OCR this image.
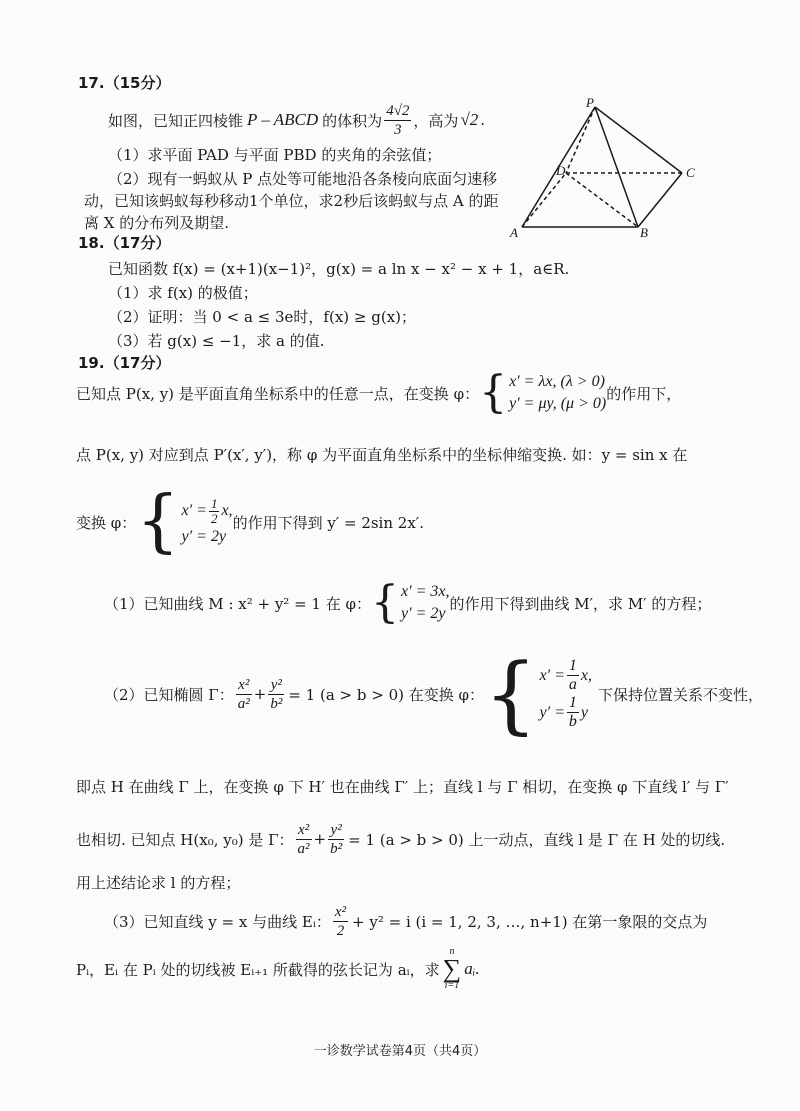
17.（15分）
如图，已知正四棱锥 P – ABCD 的体积为 $\frac{4√2}{3}$ ，高为 √2 .
（1）求平面 PAD 与平面 PBD 的夹角的余弦值；
（2）现有一蚂蚁从 P 点处等可能地沿各条棱向底面匀速移
动，已知该蚂蚁每秒移动1个单位，求2秒后该蚂蚁与点 A 的距
离 X 的分布列及期望.
P
D	C
A	B
18.（17分）
已知函数 f(x) = (x+1)(x−1)²，g(x) = a ln x − x² − x + 1，a∈R.
（1）求 f(x) 的极值；
（2）证明：当 0 < a ≤ 3e时，f(x) ≥ g(x)；
（3）若 g(x) ≤ −1，求 a 的值.
19.（17分）
已知点 P(x, y) 是平面直角坐标系中的任意一点，在变换 φ： { x′ = λx, (λ > 0)
y′ = μy, (μ > 0)
的作用下，
点 P(x, y) 对应到点 P′(x′, y′)，称 φ 为平面直角坐标系中的坐标伸缩变换. 如：y = sin x 在
变换 φ： { $x' = \frac{1}{2} x$,
y′ = 2y
的作用下得到 y′ = 2sin 2x′.
（1）已知曲线 M : x² + y² = 1 在 φ： { x′ = 3x,
y′ = 2y
的作用下得到曲线 M′，求 M′ 的方程；
（2）已知椭圆 Γ： $\frac{\text{x²}}{\text{a²}} + \frac{\text{y²}}{\text{b²}} = 1$ (a > b > 0) 在变换 φ： { $x' = \frac{1}{a} x$,
$y' = \frac{1}{b}$ y
下保持位置关系不变性，
即点 H 在曲线 Γ 上，在变换 φ 下 H′ 也在曲线 Γ′ 上；直线 l 与 Γ 相切，在变换 φ 下直线 l′ 与 Γ′
也相切. 已知点 H(x₀, y₀) 是 Γ： $\frac{\text{x²}}{\text{a²}} + \frac{\text{y²}}{\text{b²}} = 1$ (a > b > 0) 上一动点，直线 l 是 Γ 在 H 处的切线.
用上述结论求 l 的方程；
（3）已知直线 y = x 与曲线 Eᵢ： $\frac{\text{x²}}{2} + y^2 = i$ (i = 1, 2, 3, …, n+1) 在第一象限的交点为
Pᵢ，Eᵢ 在 Pᵢ 处的切线被 Eᵢ₊₁ 所截得的弦长记为 aᵢ，求
n
∑
i=1
aᵢ.
一诊数学试卷第4页（共4页）
